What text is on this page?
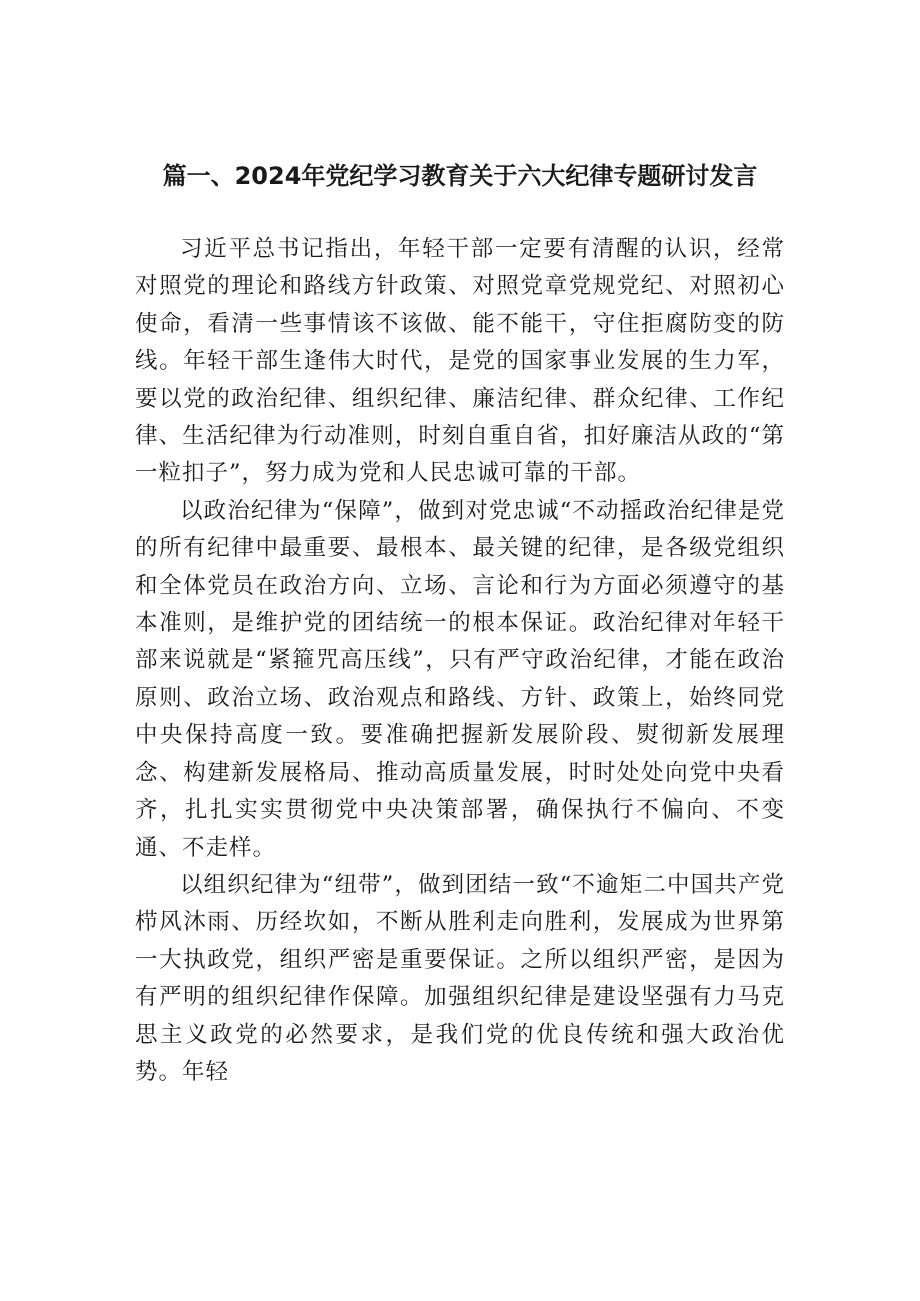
篇一、2024年党纪学习教育关于六大纪律专题研讨发言

习近平总书记指出，年轻干部一定要有清醒的认识，经常对照党的理论和路线方针政策、对照党章党规党纪、对照初心使命，看清一些事情该不该做、能不能干，守住拒腐防变的防线。年轻干部生逢伟大时代，是党的国家事业发展的生力军，要以党的政治纪律、组织纪律、廉洁纪律、群众纪律、工作纪律、生活纪律为行动准则，时刻自重自省，扣好廉洁从政的“第一粒扣子”，努力成为党和人民忠诚可靠的干部。

以政治纪律为“保障”，做到对党忠诚“不动摇政治纪律是党的所有纪律中最重要、最根本、最关键的纪律，是各级党组织和全体党员在政治方向、立场、言论和行为方面必须遵守的基本准则，是维护党的团结统一的根本保证。政治纪律对年轻干部来说就是“紧箍咒高压线”，只有严守政治纪律，才能在政治原则、政治立场、政治观点和路线、方针、政策上，始终同党中央保持高度一致。要准确把握新发展阶段、熨彻新发展理念、构建新发展格局、推动高质量发展，时时处处向党中央看齐，扎扎实实贯彻党中央决策部署，确保执行不偏向、不变通、不走样。

以组织纪律为“纽带”，做到团结一致“不逾矩二中国共产党栉风沐雨、历经坎如，不断从胜利走向胜利，发展成为世界第一大执政党，组织严密是重要保证。之所以组织严密，是因为有严明的组织纪律作保障。加强组织纪律是建设坚强有力马克思主义政党的必然要求，是我们党的优良传统和强大政治优势。年轻
